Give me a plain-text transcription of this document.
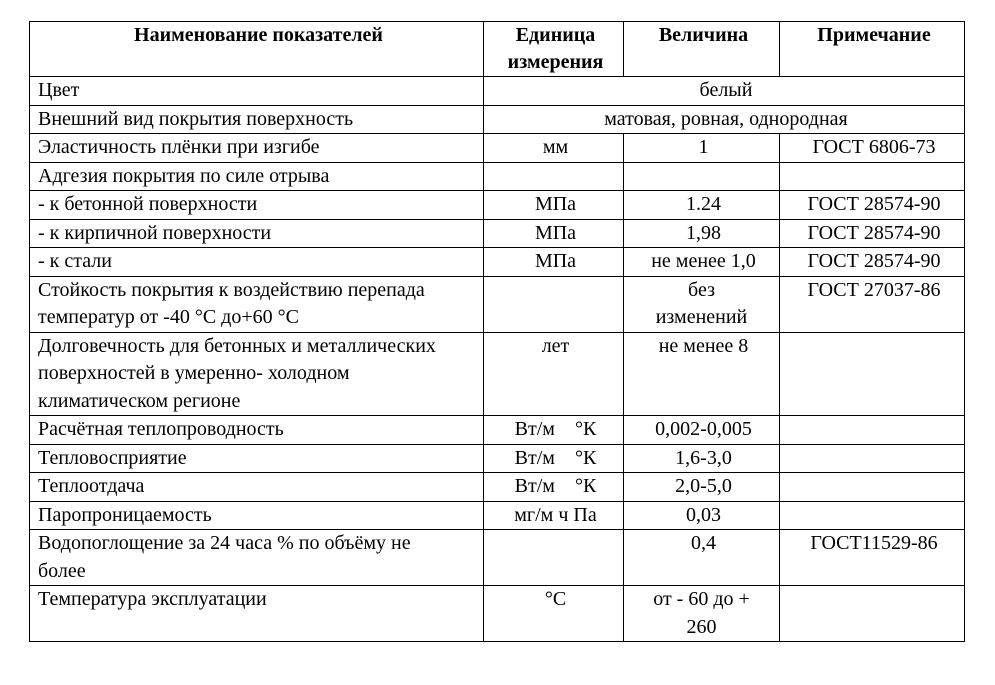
Наименование показателей	Единица измерения	Величина	Примечание
Цвет	белый		
Внешний вид покрытия поверхность	матовая, ровная, однородная		
Эластичность плёнки при изгибе	мм	1	ГОСТ 6806-73
Адгезия покрытия по силе отрыва			
- к бетонной поверхности	МПа	1.24	ГОСТ 28574-90
- к кирпичной поверхности	МПа	1,98	ГОСТ 28574-90
- к стали	МПа	не менее 1,0	ГОСТ 28574-90
Стойкость покрытия к воздействию перепада температур от -40 °С до+60 °С		без изменений	ГОСТ 27037-86
Долговечность для бетонных и металлических поверхностей в умеренно- холодном климатическом регионе	лет	не менее 8	
Расчётная теплопроводность	Вт/м    °К	0,002-0,005	
Тепловосприятие	Вт/м    °К	1,6-3,0	
Теплоотдача	Вт/м    °К	2,0-5,0	
Паропроницаемость	мг/м ч Па	0,03	
Водопоглощение за 24 часа % по объёму не более		0,4	ГОСТ11529-86
Температура эксплуатации	°С	от - 60 до + 260	
